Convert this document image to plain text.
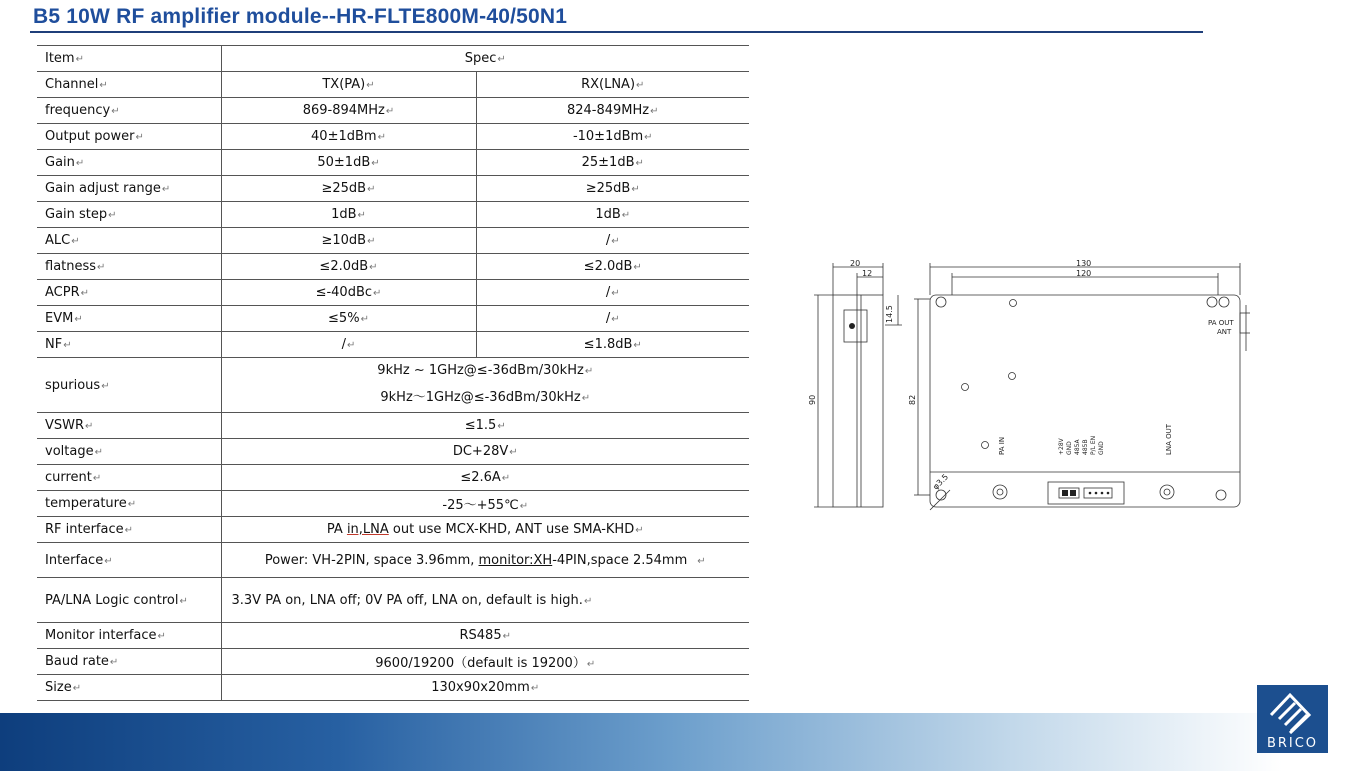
B5 10W RF amplifier module--HR-FLTE800M-40/50N1
Item↵	Spec↵	
Channel↵	TX(PA)↵	RX(LNA)↵
frequency↵	869-894MHz↵	824-849MHz↵
Output power↵	40±1dBm↵	-10±1dBm↵
Gain↵	50±1dB↵	25±1dB↵
Gain adjust range↵	≥25dB↵	≥25dB↵
Gain step↵	1dB↵	1dB↵
ALC↵	≥10dB↵	/↵
flatness↵	≤2.0dB↵	≤2.0dB↵
ACPR↵	≤-40dBc↵	/↵
EVM↵	≤5%↵	/↵
NF↵	/↵	≤1.8dB↵
spurious↵	9kHz ~ 1GHz@≤-36dBm/30kHz↵
9kHz～1GHz@≤-36dBm/30kHz↵	

VSWR↵	≤1.5↵	
voltage↵	DC+28V↵	
current↵	≤2.6A↵	
temperature↵	-25～+55℃↵	
RF interface↵	PA in,LNA out use MCX-KHD, ANT use SMA-KHD↵	
Interface↵	Power: VH-2PIN, space 3.96mm, monitor:XH-4PIN,space 2.54mm ↵	
PA/LNA Logic control↵	3.3V PA on, LNA off; 0V PA off, LNA on, default is high.↵	
Monitor interface↵	RS485↵	
Baud rate↵	9600/19200（default is 19200）↵	
Size↵	130x90x20mm↵	
20
12
14.5
90
130
120
82
φ3.5
PA OUT
ANT
PA IN	+28V GND 485A 485B P/L EN GND	LNA OUT
BRICO
